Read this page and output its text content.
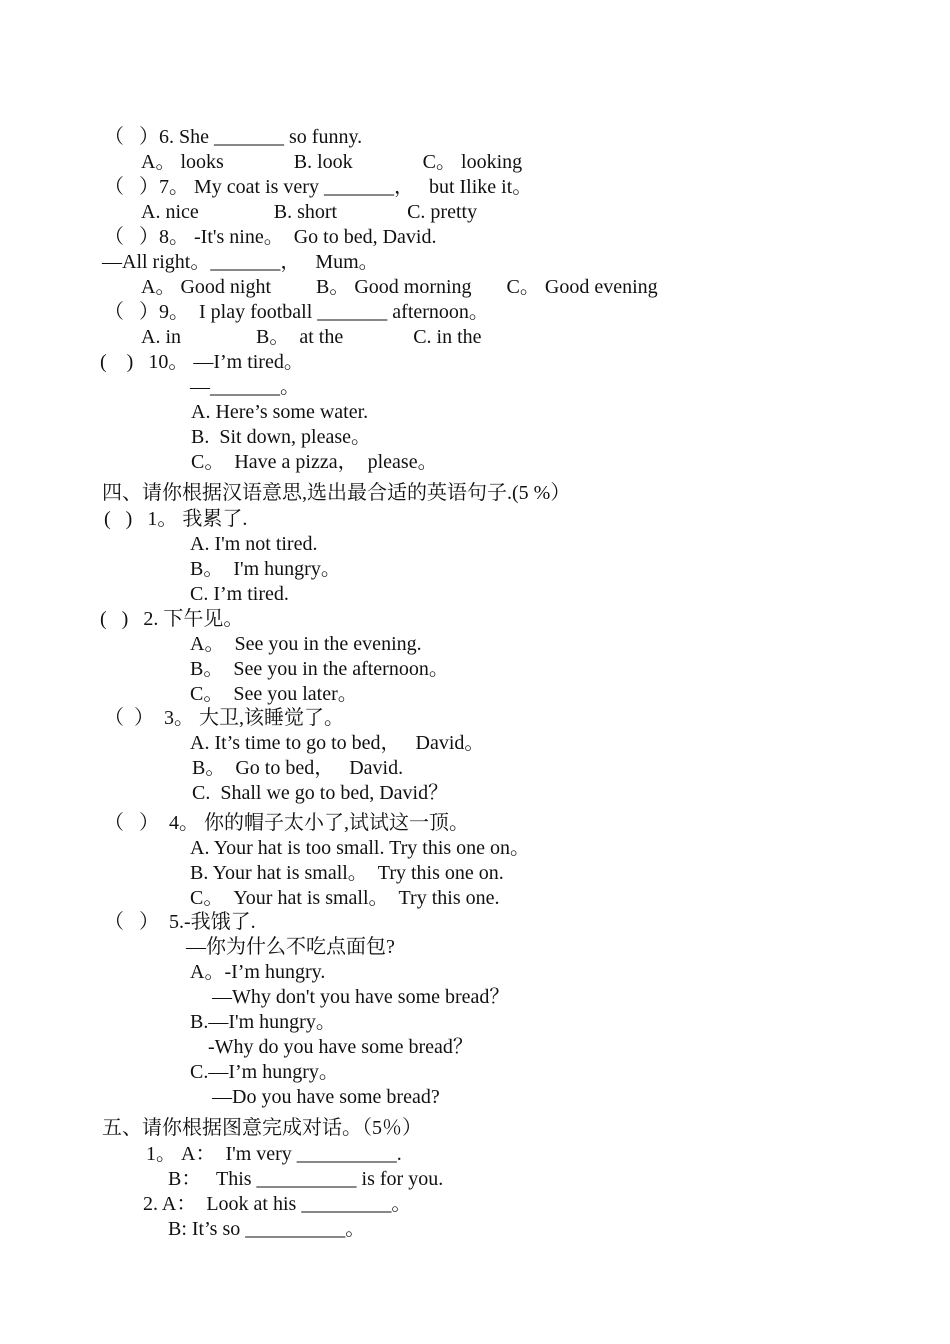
（   ）6. She _______ so funny.
A。 looks              B. look              C。 looking
（   ）7。 My coat is very _______，   but Ilike it。
A. nice               B. short              C. pretty
（   ）8。 -It's nine。  Go to bed, David.
—All right。_______，   Mum。
A。 Good night         B。 Good morning       C。 Good evening
（   ）9。  I play football _______ afternoon。
A. in               B。  at the              C. in the
(    )   10。 —I’m tired。
—_______。
A. Here’s some water.
B.  Sit down, please。
C。  Have a pizza，  please。
四、请你根据汉语意思,选出最合适的英语句子.(5 %）
(   )   1。 我累了.
A. I'm not tired.
B。  I'm hungry。
C. I’m tired.
(   )   2. 下午见。
A。  See you in the evening.
B。  See you in the afternoon。
C。  See you later。
（  ）  3。 大卫,该睡觉了。
A. It’s time to go to bed，   David。
B。  Go to bed，   David.
C.  Shall we go to bed, David？
（   ）  4。 你的帽子太小了,试试这一顶。
A. Your hat is too small. Try this one on。
B. Your hat is small。  Try this one on.
C。  Your hat is small。  Try this one.
（   ）  5.-我饿了.
—你为什么不吃点面包?
A。-I’m hungry.
—Why don't you have some bread？
B.—I'm hungry。
-Why do you have some bread？
C.—I’m hungry。
—Do you have some bread?
五、请你根据图意完成对话。（5％）
1。 A：  I'm very __________.
B：   This __________ is for you.
2. A：  Look at his _________。
B: It’s so __________。
